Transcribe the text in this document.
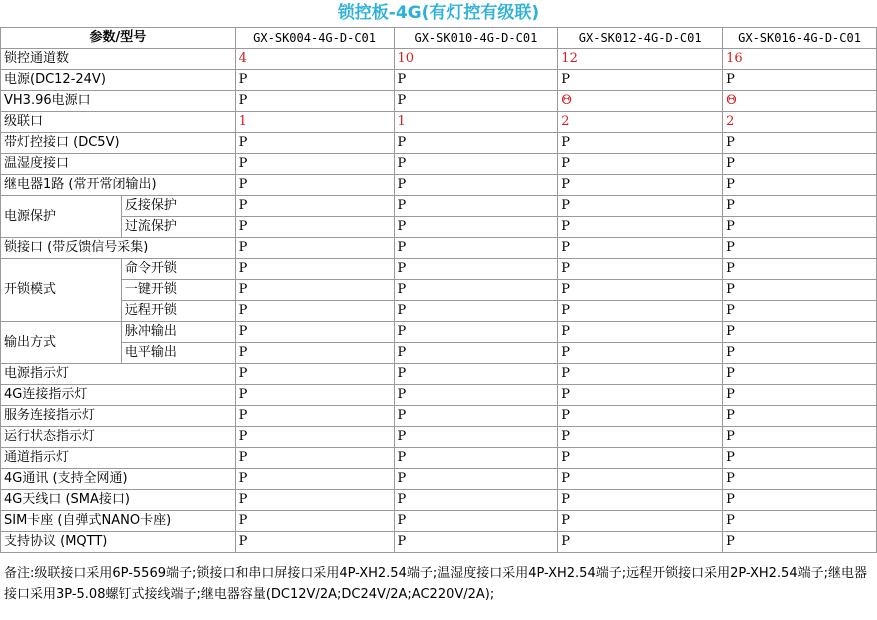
锁控板-4G(有灯控有级联)
参数/型号		GX-SK004-4G-D-C01	GX-SK010-4G-D-C01	GX-SK012-4G-D-C01	GX-SK016-4G-D-C01
锁控通道数		4	10	12	16
电源(DC12-24V)		P	P	P	P
VH3.96电源口		P	P	Θ	Θ
级联口		1	1	2	2
带灯控接口 (DC5V)		P	P	P	P
温湿度接口		P	P	P	P
继电器1路 (常开常闭输出)		P	P	P	P
电源保护	反接保护	P	P	P	P
	过流保护	P	P	P	P
锁接口 (带反馈信号采集)		P	P	P	P
开锁模式	命令开锁	P	P	P	P
	一键开锁	P	P	P	P
	远程开锁	P	P	P	P
输出方式	脉冲输出	P	P	P	P
	电平输出	P	P	P	P
电源指示灯		P	P	P	P
4G连接指示灯		P	P	P	P
服务连接指示灯		P	P	P	P
运行状态指示灯		P	P	P	P
通道指示灯		P	P	P	P
4G通讯 (支持全网通)		P	P	P	P
4G天线口 (SMA接口)		P	P	P	P
SIM卡座 (自弹式NANO卡座)		P	P	P	P
支持协议 (MQTT)		P	P	P	P
备注:级联接口采用6P-5569端子;锁接口和串口屏接口采用4P-XH2.54端子;温湿度接口采用4P-XH2.54端子;远程开锁接口采用2P-XH2.54端子;继电器接口采用3P-5.08螺钉式接线端子;继电器容量(DC12V/2A;DC24V/2A;AC220V/2A);
